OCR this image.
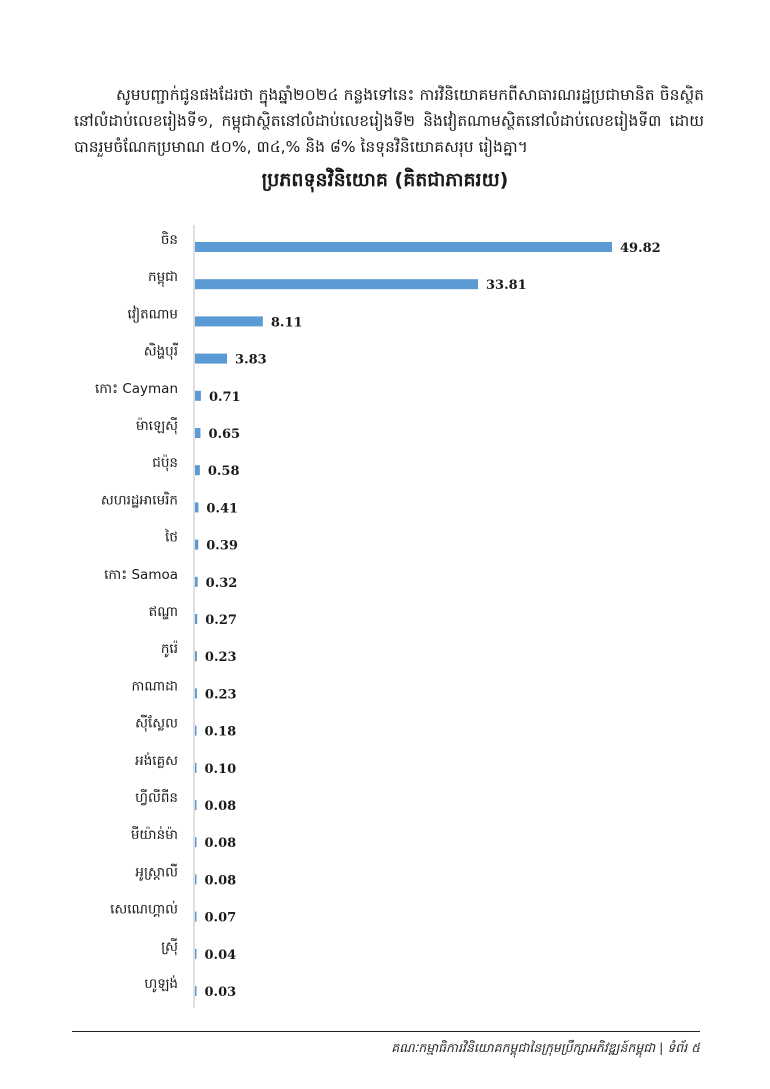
សូមបញ្ជាក់ជូនផងដែរថា ក្នុងឆ្នាំ២០២៤ កន្លងទៅនេះ ការវិនិយោគមកពីសាធារណរដ្ឋប្រជាមានិត ចិនស្ថិតនៅលំដាប់លេខរៀងទី១, កម្ពុជាស្ថិតនៅលំដាប់លេខរៀងទី២ និងវៀតណាមស្ថិតនៅលំដាប់លេខរៀងទី៣ ដោយបានរួមចំណែកប្រមាណ ៥០%, ៣៤,% និង ៨% នៃទុនវិនិយោគសរុប រៀងគ្នា។

ប្រភពទុនវិនិយោគ (គិតជាភាគរយ)
ចិន
49.82
កម្ពុជា
33.81
វៀតណាម
8.11
សិង្ហបុរី
3.83
កោះ Cayman
0.71
ម៉ាឡេស៊ី
0.65
ជប៉ុន
0.58
សហរដ្ឋអាមេរិក
0.41
ថៃ
0.39
កោះ Samoa
0.32
ឥណ្ឌា
0.27
កូរ៉េ
0.23
កាណាដា
0.23
ស៊ីស្លែល
0.18
អង់គ្លេស
0.10
ហ្វីលីពីន
0.08
មីយ៉ាន់ម៉ា
0.08
អូស្ត្រាលី
0.08
សេណេហ្គាល់
0.07
ស្រ៊ី
0.04
ហូឡង់
0.03
គណៈកម្មាធិការវិនិយោគកម្ពុជានៃក្រុមប្រឹក្សាអភិវឌ្ឍន៍កម្ពុជា | ទំព័រ ៥
